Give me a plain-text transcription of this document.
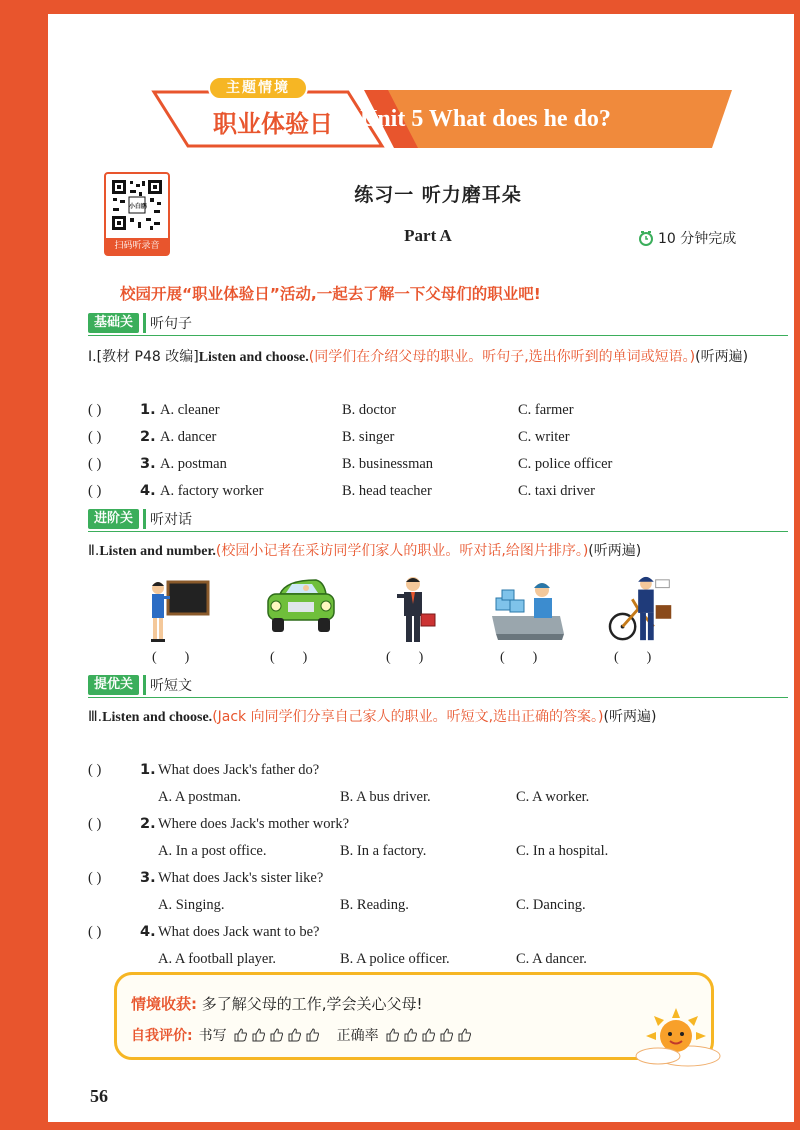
主题情境
职业体验日	Unit 5 What does he do?
小白鸥
扫码听录音
练习一 听力磨耳朵
Part A	10 分钟完成
校园开展“职业体验日”活动,一起去了解一下父母们的职业吧!
基础关	听句子
Ⅰ.[教材 P48 改编]Listen and choose.(同学们在介绍父母的职业。听句子,选出你听到的单词或短语。)(听两遍)
( )	1. A. cleaner	B. doctor	C. farmer
( )	2. A. dancer	B. singer	C. writer
( )	3. A. postman	B. businessman	C. police officer
( )	4. A. factory worker	B. head teacher	C. taxi driver
进阶关	听对话
Ⅱ.Listen and number.(校园小记者在采访同学们家人的职业。听对话,给图片排序。)(听两遍)
(        )	(        )	(        )	(        )	(        )
提优关	听短文
Ⅲ.Listen and choose.(Jack 向同学们分享自己家人的职业。听短文,选出正确的答案。)(听两遍)
( )	1. What does Jack's father do?
A. A postman.	B. A bus driver.	C. A worker.
( )	2. Where does Jack's mother work?
A. In a post office.	B. In a factory.	C. In a hospital.
( )	3. What does Jack's sister like?
A. Singing.	B. Reading.	C. Dancing.
( )	4. What does Jack want to be?
A. A football player.	B. A police officer.	C. A dancer.
情境收获: 多了解父母的工作,学会关心父母!
自我评价: 书写	正确率
56
